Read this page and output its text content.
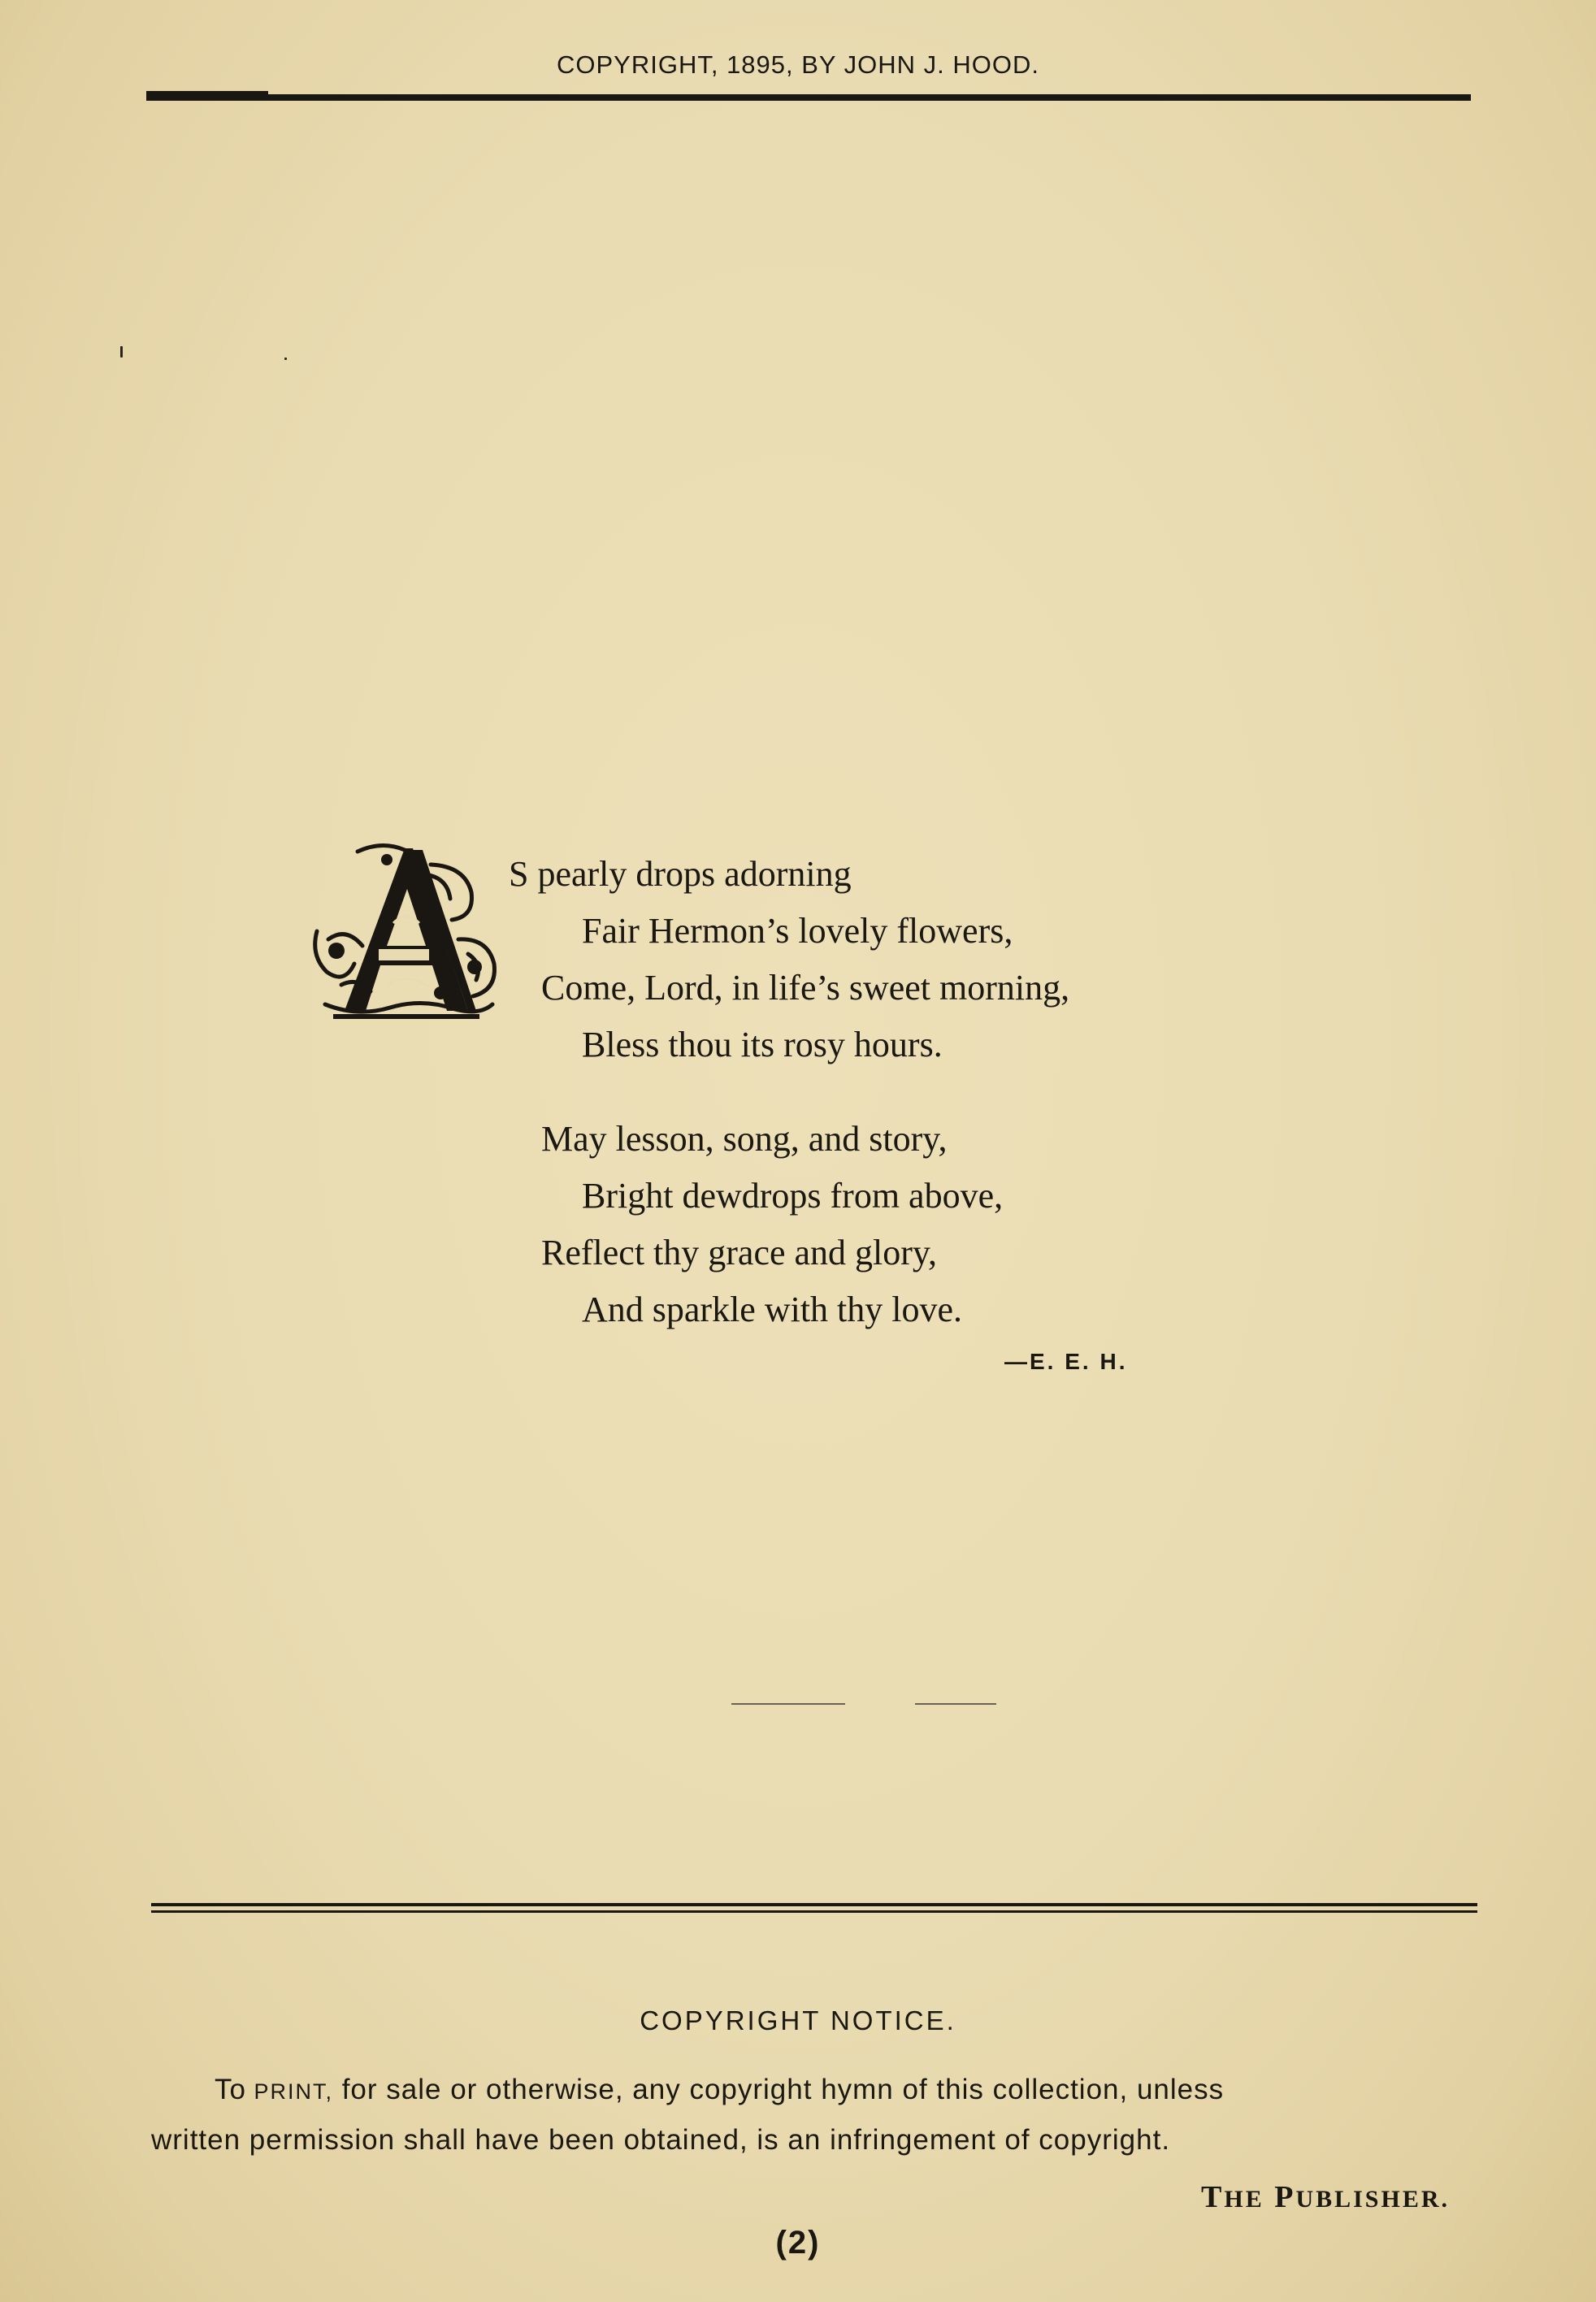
COPYRIGHT, 1895, BY JOHN J. HOOD.
S pearly drops adorning
Fair Hermon’s lovely flowers,
Come, Lord, in life’s sweet morning,
Bless thou its rosy hours.
May lesson, song, and story,
Bright dewdrops from above,
Reflect thy grace and glory,
And sparkle with thy love.
—E. E. H.
COPYRIGHT NOTICE.
To PRINT, for sale or otherwise, any copyright hymn of this collection, unless
written permission shall have been obtained, is an infringement of copyright.
THE PUBLISHER.
(2)
